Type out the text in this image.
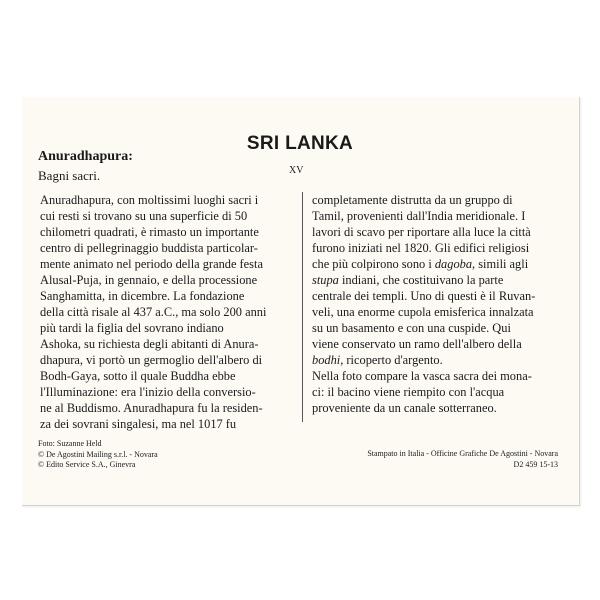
SRI LANKA
Anuradhapura:
Bagni sacri.	XV

Anuradhapura, con moltissimi luoghi sacri i

cui resti si trovano su una superficie di 50

chilometri quadrati, è rimasto un importante

centro di pellegrinaggio buddista particolar-

mente animato nel periodo della grande festa

Alusal-Puja, in gennaio, e della processione

Sanghamitta, in dicembre. La fondazione

della città risale al 437 a.C., ma solo 200 anni

più tardi la figlia del sovrano indiano

Ashoka, su richiesta degli abitanti di Anura-

dhapura, vi portò un germoglio dell'albero di

Bodh-Gaya, sotto il quale Buddha ebbe

l'Illuminazione: era l'inizio della conversio-

ne al Buddismo. Anuradhapura fu la residen-

za dei sovrani singalesi, ma nel 1017 fu

completamente distrutta da un gruppo di

Tamil, provenienti dall'India meridionale. I

lavori di scavo per riportare alla luce la città

furono iniziati nel 1820. Gli edifici religiosi

che più colpirono sono i dagoba, simili agli

stupa indiani, che costituivano la parte

centrale dei templi. Uno di questi è il Ruvan-

veli, una enorme cupola emisferica innalzata

su un basamento e con una cuspide. Qui

viene conservato un ramo dell'albero della

bodhi, ricoperto d'argento.

Nella foto compare la vasca sacra dei mona-

ci: il bacino viene riempito con l'acqua

proveniente da un canale sotterraneo.

Foto: Suzanne Held
© De Agostini Mailing s.r.l. - Novara
© Edito Service S.A., Ginevra
Stampato in Italia - Officine Grafiche De Agostini - Novara
D2 459 15-13
